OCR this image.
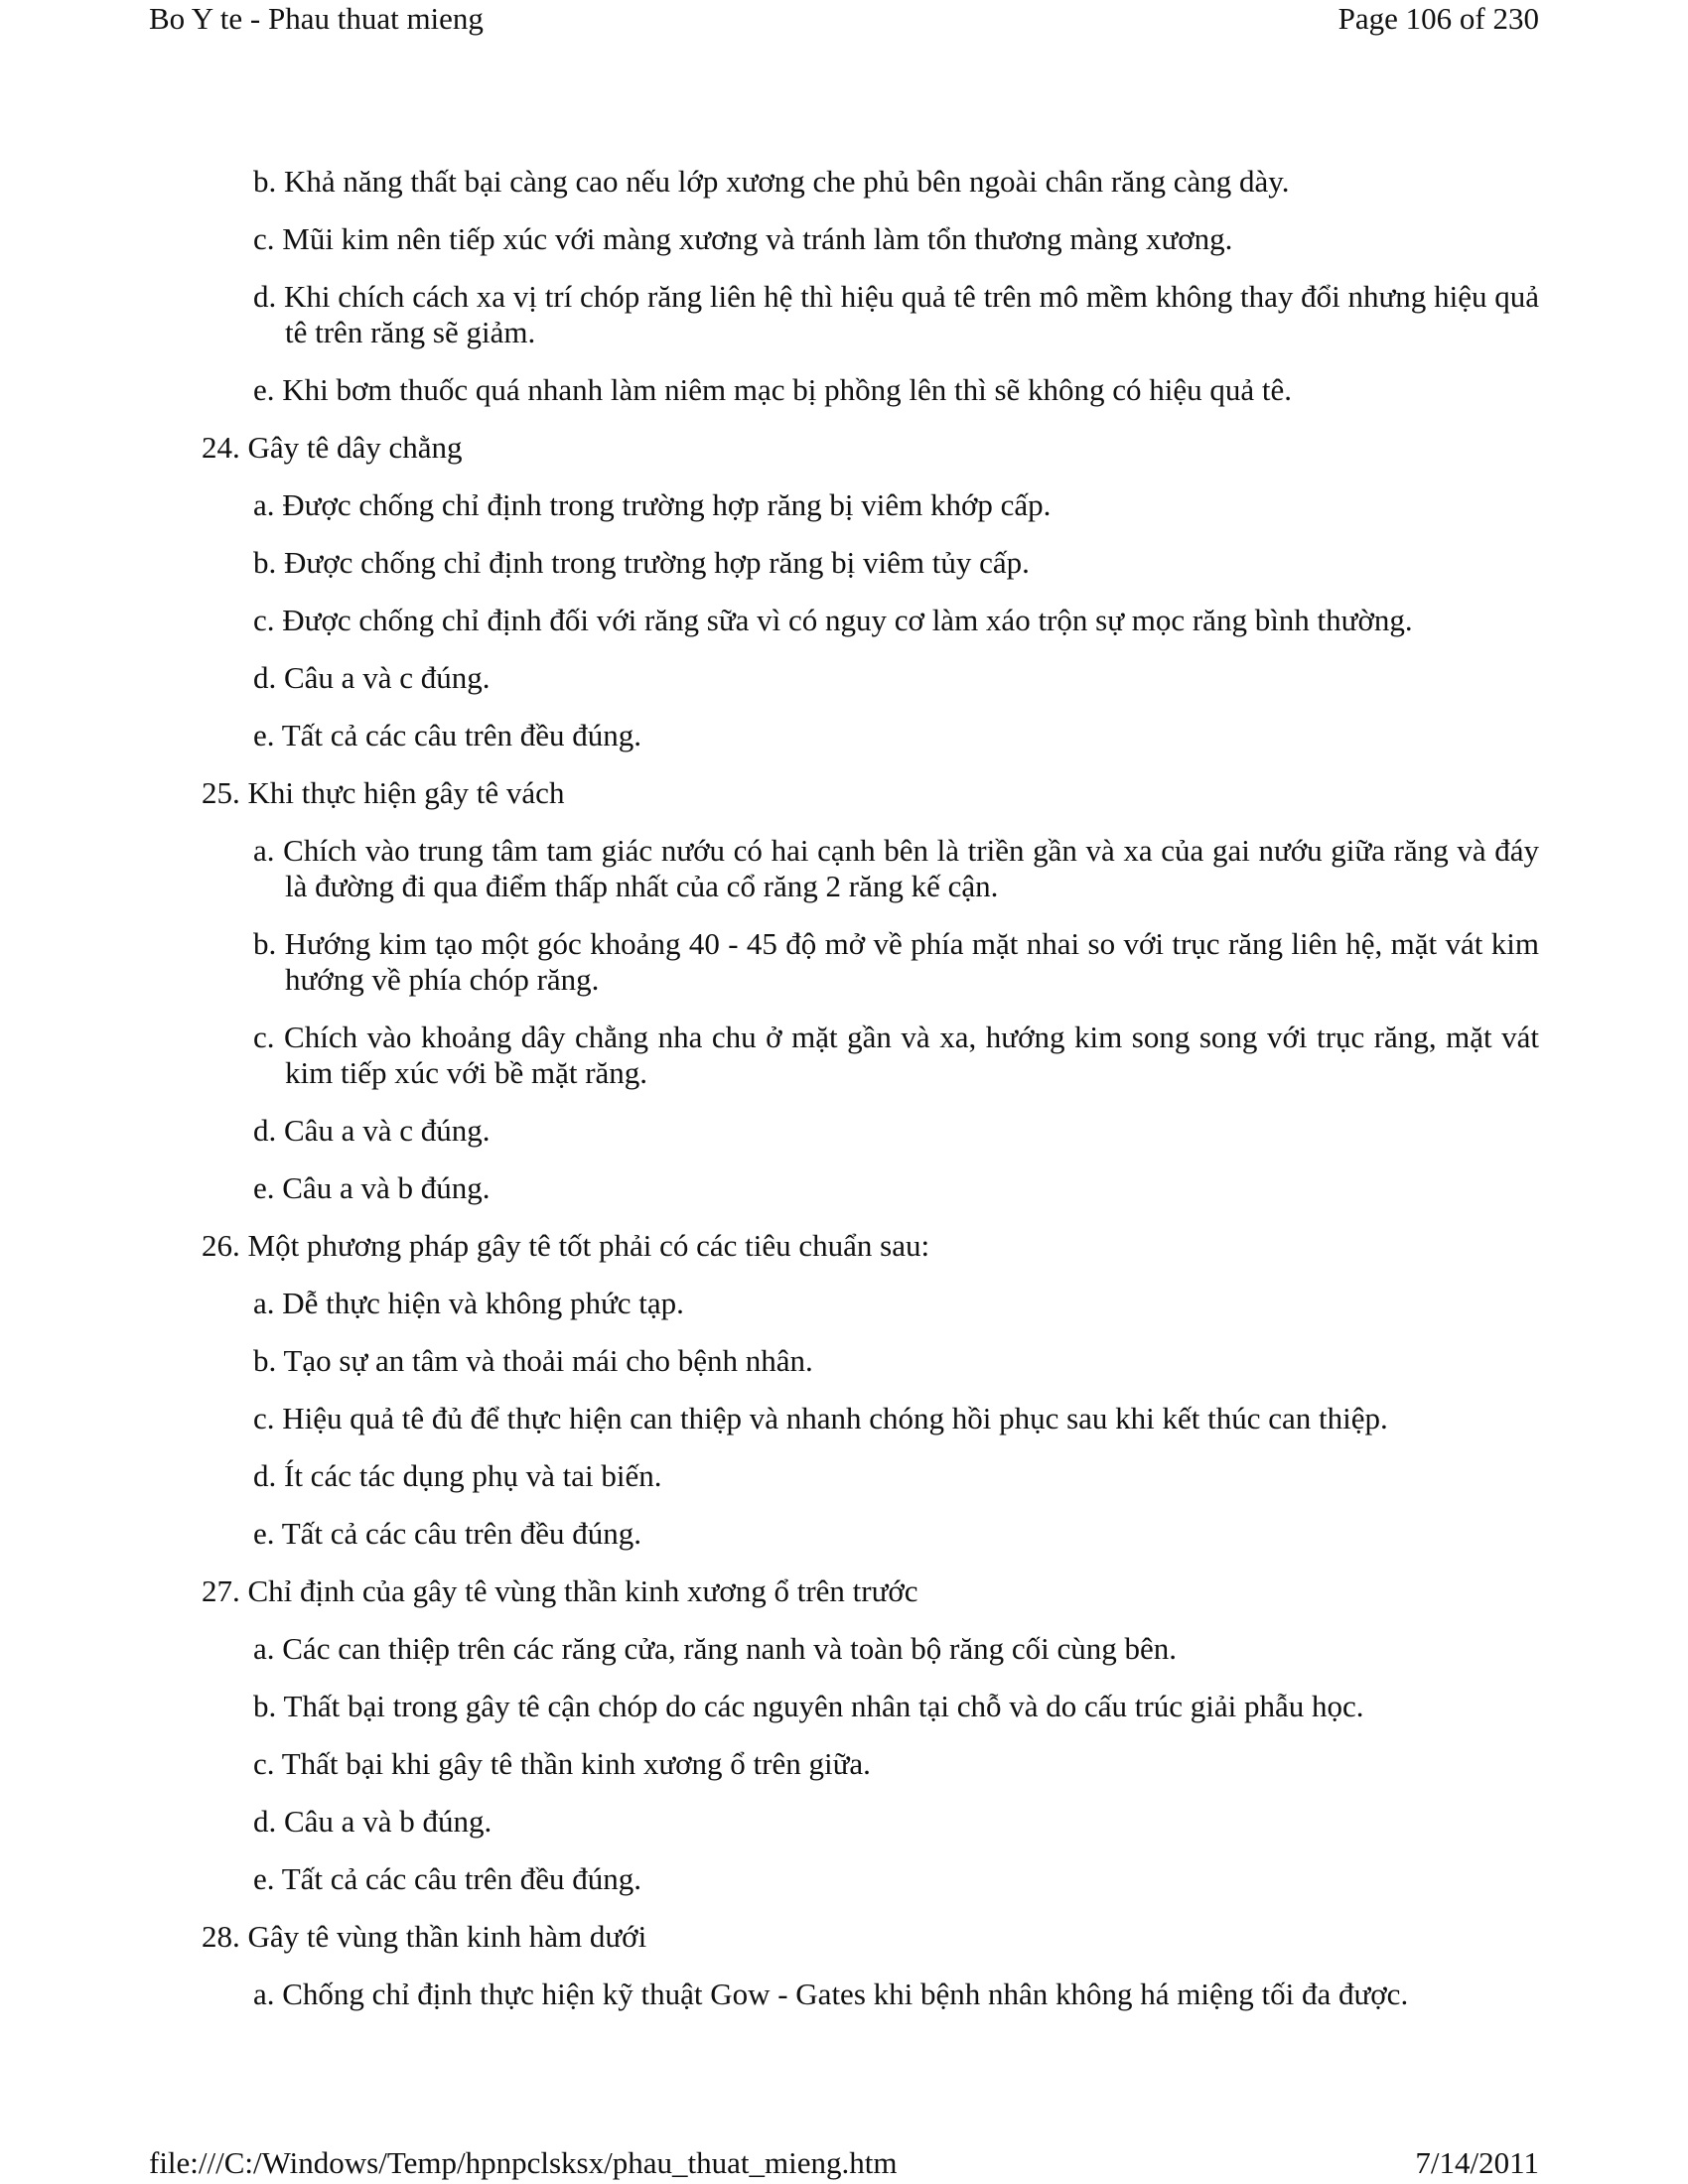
Bo Y te - Phau thuat mieng	Page 106 of 230
b. Khả năng thất bại càng cao nếu lớp xương che phủ bên ngoài chân răng càng dày.
c. Mũi kim nên tiếp xúc với màng xương và tránh làm tổn thương màng xương.
d. Khi chích cách xa vị trí chóp răng liên hệ thì hiệu quả tê trên mô mềm không thay đổi nhưng hiệu quả tê trên răng sẽ giảm.
e. Khi bơm thuốc quá nhanh làm niêm mạc bị phồng lên thì sẽ không có hiệu quả tê.
24. Gây tê dây chằng
a. Được chống chỉ định trong trường hợp răng bị viêm khớp cấp.
b. Được chống chỉ định trong trường hợp răng bị viêm tủy cấp.
c. Được chống chỉ định đối với răng sữa vì có nguy cơ làm xáo trộn sự mọc răng bình thường.
d. Câu a và c đúng.
e. Tất cả các câu trên đều đúng.
25. Khi thực hiện gây tê vách
a. Chích vào trung tâm tam giác nướu có hai cạnh bên là triền gần và xa của gai nướu giữa răng và đáy là đường đi qua điểm thấp nhất của cổ răng 2 răng kế cận.
b. Hướng kim tạo một góc khoảng 40 - 45 độ mở về phía mặt nhai so với trục răng liên hệ, mặt vát kim hướng về phía chóp răng.
c. Chích vào khoảng dây chằng nha chu ở mặt gần và xa, hướng kim song song với trục răng, mặt vát kim tiếp xúc với bề mặt răng.
d. Câu a và c đúng.
e. Câu a và b đúng.
26. Một phương pháp gây tê tốt phải có các tiêu chuẩn sau:
a. Dễ thực hiện và không phức tạp.
b. Tạo sự an tâm và thoải mái cho bệnh nhân.
c. Hiệu quả tê đủ để thực hiện can thiệp và nhanh chóng hồi phục sau khi kết thúc can thiệp.
d. Ít các tác dụng phụ và tai biến.
e. Tất cả các câu trên đều đúng.
27. Chỉ định của gây tê vùng thần kinh xương ổ trên trước
a. Các can thiệp trên các răng cửa, răng nanh và toàn bộ răng cối cùng bên.
b. Thất bại trong gây tê cận chóp do các nguyên nhân tại chỗ và do cấu trúc giải phẫu học.
c. Thất bại khi gây tê thần kinh xương ổ trên giữa.
d. Câu a và b đúng.
e. Tất cả các câu trên đều đúng.
28. Gây tê vùng thần kinh hàm dưới
a. Chống chỉ định thực hiện kỹ thuật Gow - Gates khi bệnh nhân không há miệng tối đa được.
file:///C:/Windows/Temp/hpnpclsksx/phau_thuat_mieng.htm	7/14/2011
